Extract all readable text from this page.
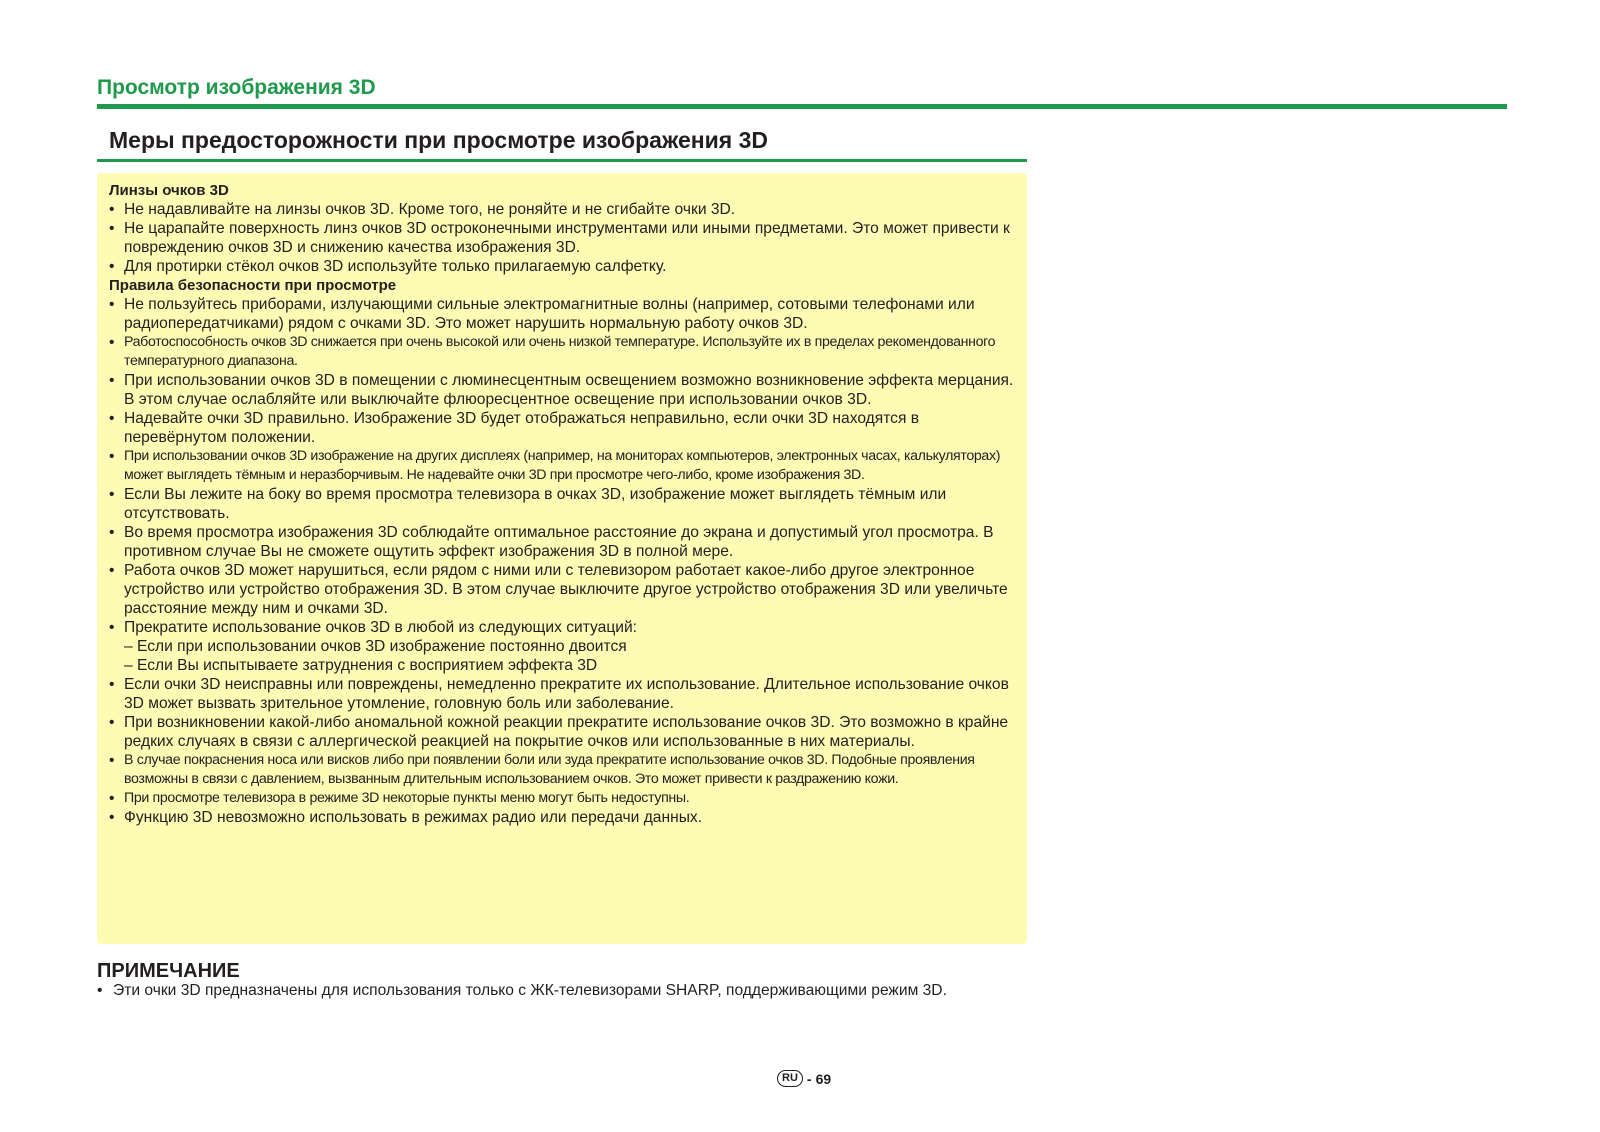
Просмотр изображения 3D
Меры предосторожности при просмотре изображения 3D

Линзы очков 3D

• Не надавливайте на линзы очков 3D. Кроме того, не роняйте и не сгибайте очки 3D.
• Не царапайте поверхность линз очков 3D остроконечными инструментами или иными предметами. Это может привести к повреждению очков 3D и снижению качества изображения 3D.
• Для протирки стёкол очков 3D используйте только прилагаемую салфетку.

Правила безопасности при просмотре

• Не пользуйтесь приборами, излучающими сильные электромагнитные волны (например, сотовыми телефонами или радиопередатчиками) рядом с очками 3D. Это может нарушить нормальную работу очков 3D.
• Работоспособность очков 3D снижается при очень высокой или очень низкой температуре. Используйте их в пределах рекомендованного температурного диапазона.
• При использовании очков 3D в помещении с люминесцентным освещением возможно возникновение эффекта мерцания. В этом случае ослабляйте или выключайте флюоресцентное освещение при использовании очков 3D.
• Надевайте очки 3D правильно. Изображение 3D будет отображаться неправильно, если очки 3D находятся в перевёрнутом положении.
• При использовании очков 3D изображение на других дисплеях (например, на мониторах компьютеров, электронных часах, калькуляторах) может выглядеть тёмным и неразборчивым. Не надевайте очки 3D при просмотре чего-либо, кроме изображения 3D.
• Если Вы лежите на боку во время просмотра телевизора в очках 3D, изображение может выглядеть тёмным или отсутствовать.
• Во время просмотра изображения 3D соблюдайте оптимальное расстояние до экрана и допустимый угол просмотра. В противном случае Вы не сможете ощутить эффект изображения 3D в полной мере.
• Работа очков 3D может нарушиться, если рядом с ними или с телевизором работает какое-либо другое электронное устройство или устройство отображения 3D. В этом случае выключите другое устройство отображения 3D или увеличьте расстояние между ним и очками 3D.
• Прекратите использование очков 3D в любой из следующих ситуаций:
– Если при использовании очков 3D изображение постоянно двоится
– Если Вы испытываете затруднения с восприятием эффекта 3D
• Если очки 3D неисправны или повреждены, немедленно прекратите их использование. Длительное использование очков 3D может вызвать зрительное утомление, головную боль или заболевание.
• При возникновении какой-либо аномальной кожной реакции прекратите использование очков 3D. Это возможно в крайне редких случаях в связи с аллергической реакцией на покрытие очков или использованные в них материалы.
• В случае покраснения носа или висков либо при появлении боли или зуда прекратите использование очков 3D. Подобные проявления возможны в связи с давлением, вызванным длительным использованием очков. Это может привести к раздражению кожи.
• При просмотре телевизора в режиме 3D некоторые пункты меню могут быть недоступны.
• Функцию 3D невозможно использовать в режимах радио или передачи данных.
ПРИМЕЧАНИЕ
• Эти очки 3D предназначены для использования только с ЖК-телевизорами SHARP, поддерживающими режим 3D.
RU - 69
